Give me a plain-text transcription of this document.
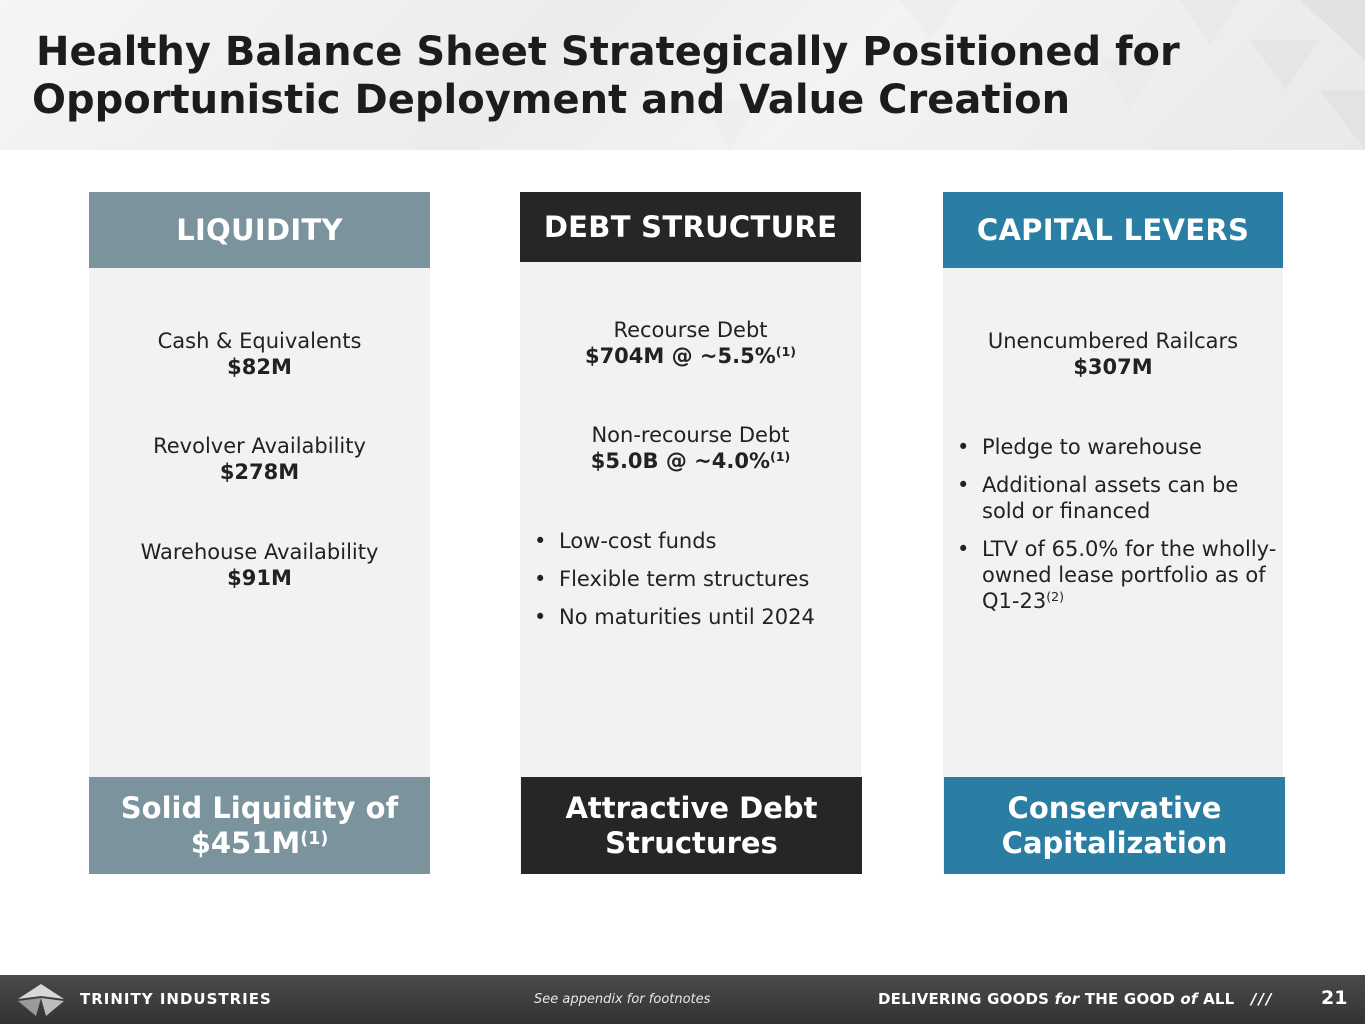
Healthy Balance Sheet Strategically Positioned for
Opportunistic Deployment and Value Creation
Cash & Equivalents
$82M
Revolver Availability
$278M
Warehouse Availability
$91M
LIQUIDITY
Solid Liquidity of
$\$451M^{(1)}$
Recourse Debt
$704M @ ~5.5%$^{(1)}$
Non-recourse Debt
$5.0B @ ~4.0%$^{(1)}$
• Low-cost funds
• Flexible term structures
• No maturities until 2024
DEBT STRUCTURE
Attractive Debt
Structures
Unencumbered Railcars
$307M
• Pledge to warehouse
• Additional assets can be sold or financed
• LTV of 65.0% for the wholly-owned lease portfolio as of Q1-23$^{(2)}$
CAPITAL LEVERS
Conservative
Capitalization
TRINITY INDUSTRIES	See appendix for footnotes	DELIVERING GOODS for THE GOOD of ALL ///	21
